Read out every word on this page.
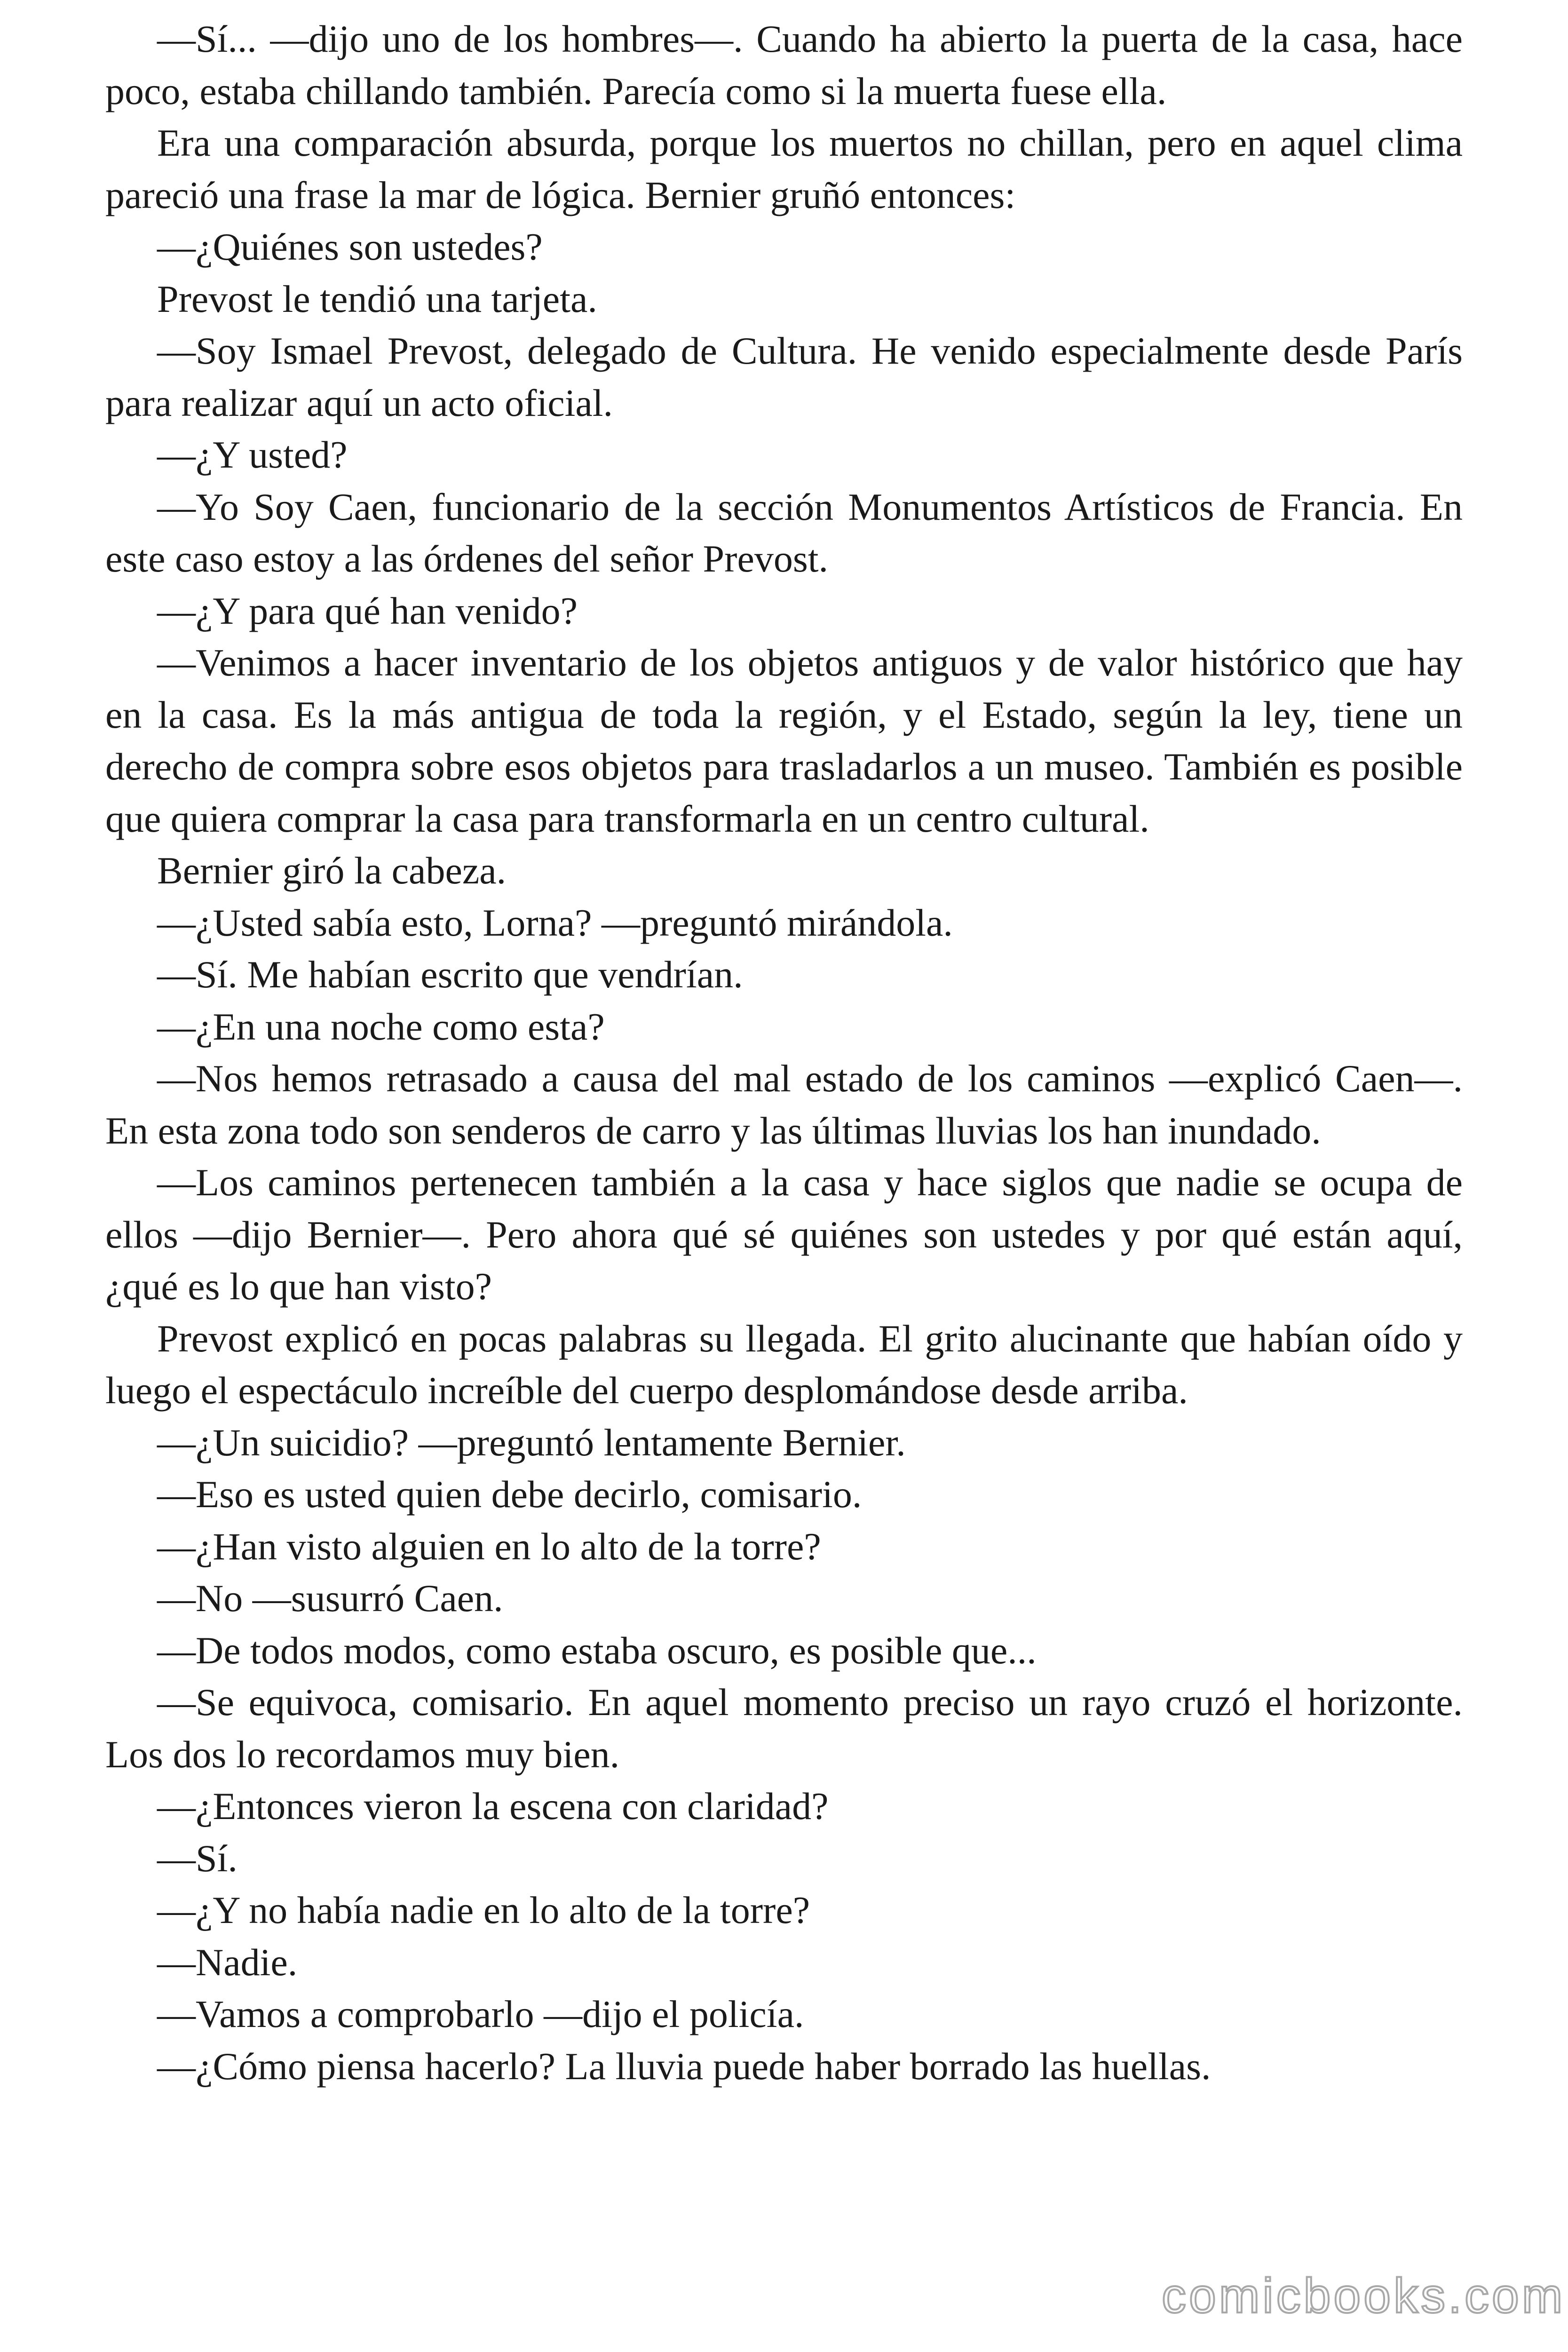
—Sí... —dijo uno de los hombres—. Cuando ha abierto la puerta de la casa, hace poco, estaba chillando también. Parecía como si la muerta fuese ella.

Era una comparación absurda, porque los muertos no chillan, pero en aquel clima pareció una frase la mar de lógica. Bernier gruñó entonces:

—¿Quiénes son ustedes?

Prevost le tendió una tarjeta.

—Soy Ismael Prevost, delegado de Cultura. He venido especialmente desde París para realizar aquí un acto oficial.

—¿Y usted?

—Yo Soy Caen, funcionario de la sección Monumentos Artísticos de Francia. En este caso estoy a las órdenes del señor Prevost.

—¿Y para qué han venido?

—Venimos a hacer inventario de los objetos antiguos y de valor histórico que hay en la casa. Es la más antigua de toda la región, y el Estado, según la ley, tiene un derecho de compra sobre esos objetos para trasladarlos a un museo. También es posible que quiera comprar la casa para transformarla en un centro cultural.

Bernier giró la cabeza.

—¿Usted sabía esto, Lorna? —preguntó mirándola.

—Sí. Me habían escrito que vendrían.

—¿En una noche como esta?

—Nos hemos retrasado a causa del mal estado de los caminos —explicó Caen—. En esta zona todo son senderos de carro y las últimas lluvias los han inundado.

—Los caminos pertenecen también a la casa y hace siglos que nadie se ocupa de ellos —dijo Bernier—. Pero ahora qué sé quiénes son ustedes y por qué están aquí, ¿qué es lo que han visto?

Prevost explicó en pocas palabras su llegada. El grito alucinante que habían oído y luego el espectáculo increíble del cuerpo desplomándose desde arriba.

—¿Un suicidio? —preguntó lentamente Bernier.

—Eso es usted quien debe decirlo, comisario.

—¿Han visto alguien en lo alto de la torre?

—No —susurró Caen.

—De todos modos, como estaba oscuro, es posible que...

—Se equivoca, comisario. En aquel momento preciso un rayo cruzó el horizonte. Los dos lo recordamos muy bien.

—¿Entonces vieron la escena con claridad?

—Sí.

—¿Y no había nadie en lo alto de la torre?

—Nadie.

—Vamos a comprobarlo —dijo el policía.

—¿Cómo piensa hacerlo? La lluvia puede haber borrado las huellas.

comicbooks.com
